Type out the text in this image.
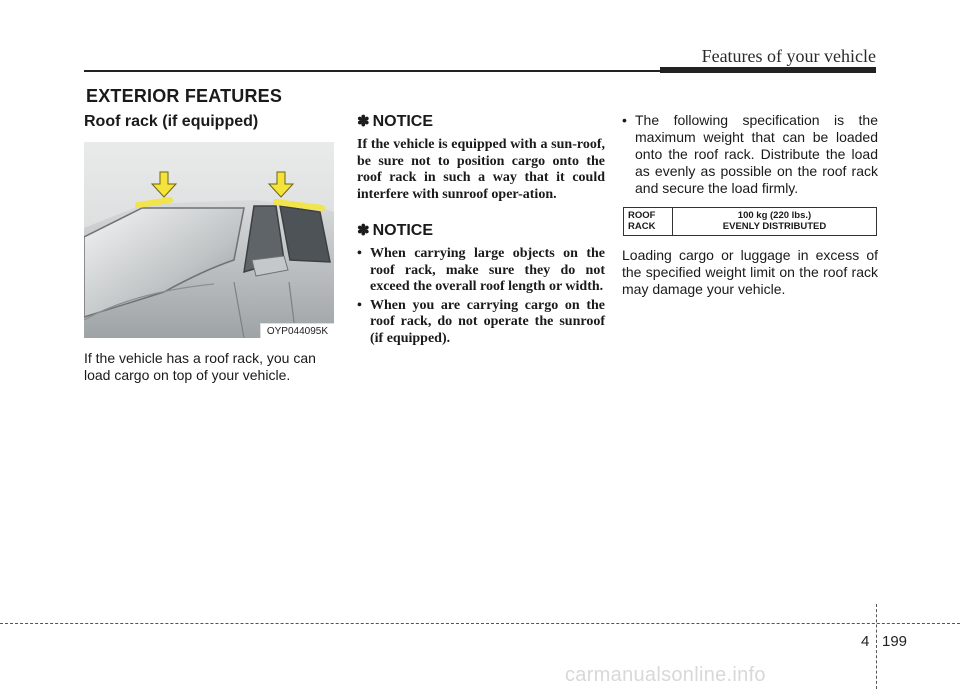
Features of your vehicle
EXTERIOR FEATURES
Roof rack (if equipped)
OYP044095K
If the vehicle has a roof rack, you can load cargo on top of your vehicle.
✽ NOTICE
If the vehicle is equipped with a sun-roof, be sure not to position cargo onto the roof rack in such a way that it could interfere with sunroof oper-ation.
✽ NOTICE
• When carrying large objects on the roof rack, make sure they do not exceed the overall roof length or width.
• When you are carrying cargo on the roof rack, do not operate the sunroof (if equipped).
• The following specification is the maximum weight that can be loaded onto the roof rack. Distribute the load as evenly as possible on the roof rack and secure the load firmly.
ROOF
RACK

100 kg (220 lbs.)
EVENLY DISTRIBUTED
Loading cargo or luggage in excess of the specified weight limit on the roof rack may damage your vehicle.
4 199
carmanualsonline.info
